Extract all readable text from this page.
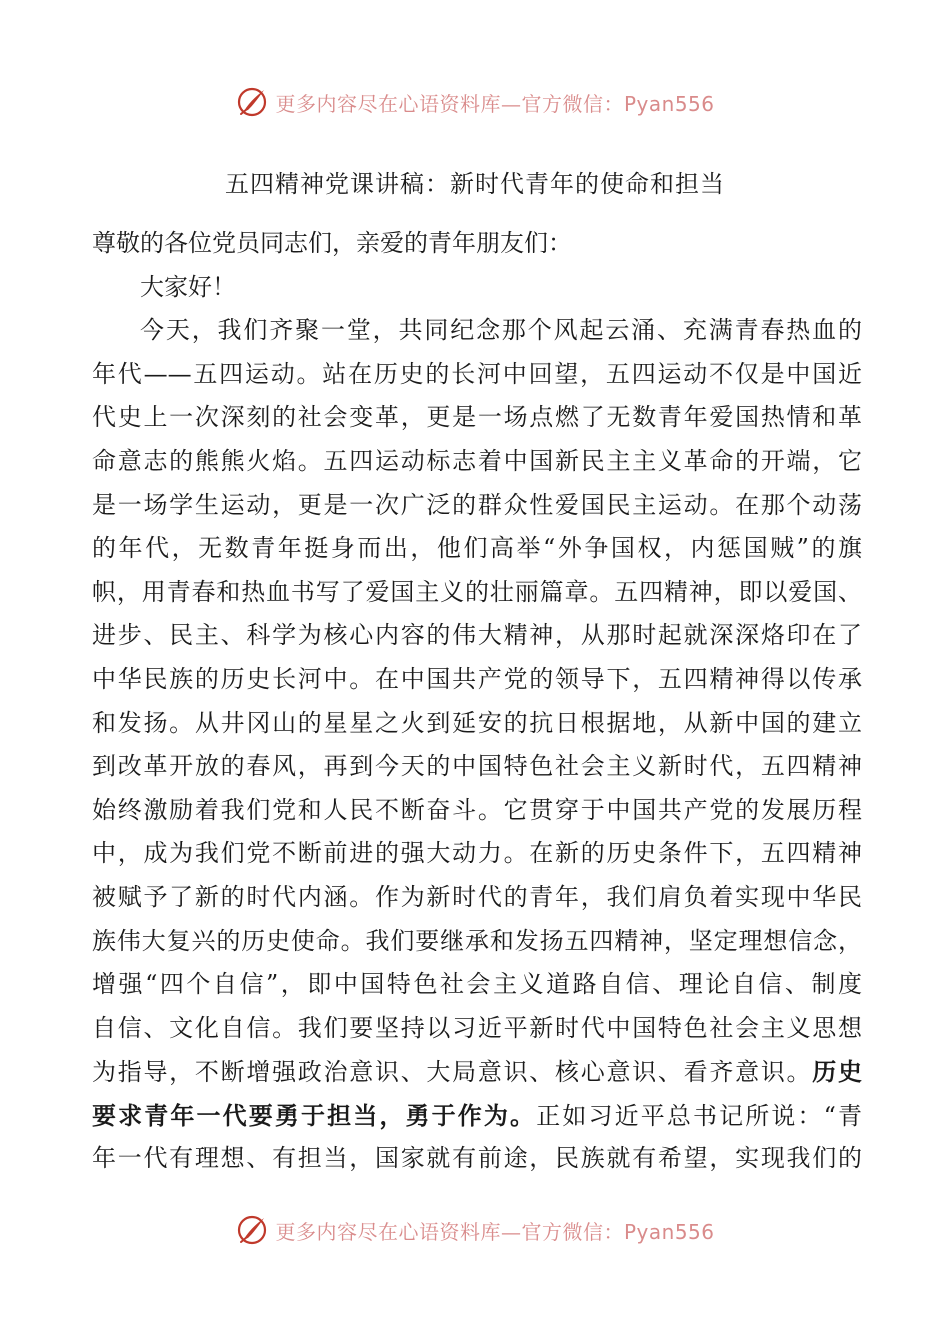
更多内容尽在心语资料库—官方微信：Pyan556
五四精神党课讲稿：新时代青年的使命和担当
尊敬的各位党员同志们，亲爱的青年朋友们：
大家好！
今天，我们齐聚一堂，共同纪念那个风起云涌、充满青春热血的
年代——五四运动。站在历史的长河中回望，五四运动不仅是中国近
代史上一次深刻的社会变革，更是一场点燃了无数青年爱国热情和革
命意志的熊熊火焰。五四运动标志着中国新民主主义革命的开端，它
是一场学生运动，更是一次广泛的群众性爱国民主运动。在那个动荡
的年代，无数青年挺身而出，他们高举“外争国权，内惩国贼”的旗
帜，用青春和热血书写了爱国主义的壮丽篇章。五四精神，即以爱国、
进步、民主、科学为核心内容的伟大精神，从那时起就深深烙印在了
中华民族的历史长河中。在中国共产党的领导下，五四精神得以传承
和发扬。从井冈山的星星之火到延安的抗日根据地，从新中国的建立
到改革开放的春风，再到今天的中国特色社会主义新时代，五四精神
始终激励着我们党和人民不断奋斗。它贯穿于中国共产党的发展历程
中，成为我们党不断前进的强大动力。在新的历史条件下，五四精神
被赋予了新的时代内涵。作为新时代的青年，我们肩负着实现中华民
族伟大复兴的历史使命。我们要继承和发扬五四精神，坚定理想信念，
增强“四个自信”，即中国特色社会主义道路自信、理论自信、制度
自信、文化自信。我们要坚持以习近平新时代中国特色社会主义思想
为指导，不断增强政治意识、大局意识、核心意识、看齐意识。历史
要求青年一代要勇于担当，勇于作为。正如习近平总书记所说：“青
年一代有理想、有担当，国家就有前途，民族就有希望，实现我们的
更多内容尽在心语资料库—官方微信：Pyan556
